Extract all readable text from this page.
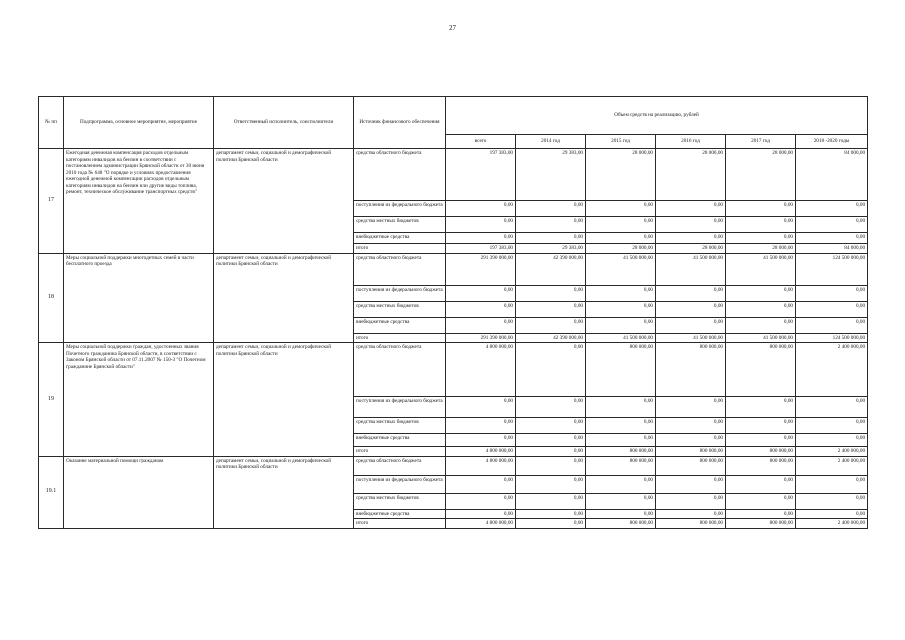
27
№ пп	Подпрограмма, основное мероприятие, мероприятие	Ответственный исполнитель, соисполнители	Источник финансового обеспечения	Объем средств на реализацию, рублей					
				всего	2014 год	2015 год	2016 год	2017 год	2018 -2020 годы
17	Ежегодная денежная компенсация расходов отдельным категориям инвалидов на бензин в соответствии с постановлением администрации Брянской области от 30 июня 2010 года № 648 "О порядке и условиях предоставления ежегодной денежной компенсации расходов отдельным категориям инвалидов на бензин или другие виды топлива, ремонт, техническое обслуживание транспортных средств"	департамент семьи, социальной и демографической политики Брянской области	средства областного бюджета	197 383,00	29 383,00	28 000,00	28 000,00	28 000,00	84 000,00
			поступления из федерального бюджета	0,00	0,00	0,00	0,00	0,00	0,00
			средства местных бюджетов	0,00	0,00	0,00	0,00	0,00	0,00
			внебюджетные средства	0,00	0,00	0,00	0,00	0,00	0,00
			итого	197 383,00	29 383,00	28 000,00	28 000,00	28 000,00	84 000,00
18	Меры социальной поддержки многодетных семей в части бесплатного проезда	департамент семьи, социальной и демографической политики Брянской области	средства областного бюджета	291 390 000,00	42 390 000,00	41 500 000,00	41 500 000,00	41 500 000,00	124 500 000,00
			поступления из федерального бюджета	0,00	0,00	0,00	0,00	0,00	0,00
			средства местных бюджетов	0,00	0,00	0,00	0,00	0,00	0,00
			внебюджетные средства	0,00	0,00	0,00	0,00	0,00	0,00
			итого	291 390 000,00	42 390 000,00	41 500 000,00	41 500 000,00	41 500 000,00	124 500 000,00
19	Меры социальной поддержки граждан, удостоенных звания Почетного гражданина Брянской области, в соответствии с Законом Брянской области от 07.11.2007 № 150-З "О Почетном гражданине Брянской области"	департамент семьи, социальной и демографической политики Брянской области	средства областного бюджета	4 800 000,00	0,00	800 000,00	800 000,00	800 000,00	2 400 000,00
			поступления из федерального бюджета	0,00	0,00	0,00	0,00	0,00	0,00
			средства местных бюджетов	0,00	0,00	0,00	0,00	0,00	0,00
			внебюджетные средства	0,00	0,00	0,00	0,00	0,00	0,00
			итого	4 800 000,00	0,00	800 000,00	800 000,00	800 000,00	2 400 000,00
19.1	Оказание материальной помощи гражданам	департамент семьи, социальной и демографической политики Брянской области	средства областного бюджета	4 800 000,00	0,00	800 000,00	800 000,00	800 000,00	2 400 000,00
			поступления из федерального бюджета	0,00	0,00	0,00	0,00	0,00	0,00
			средства местных бюджетов	0,00	0,00	0,00	0,00	0,00	0,00
			внебюджетные средства	0,00	0,00	0,00	0,00	0,00	0,00
			итого	4 800 000,00	0,00	800 000,00	800 000,00	800 000,00	2 400 000,00
